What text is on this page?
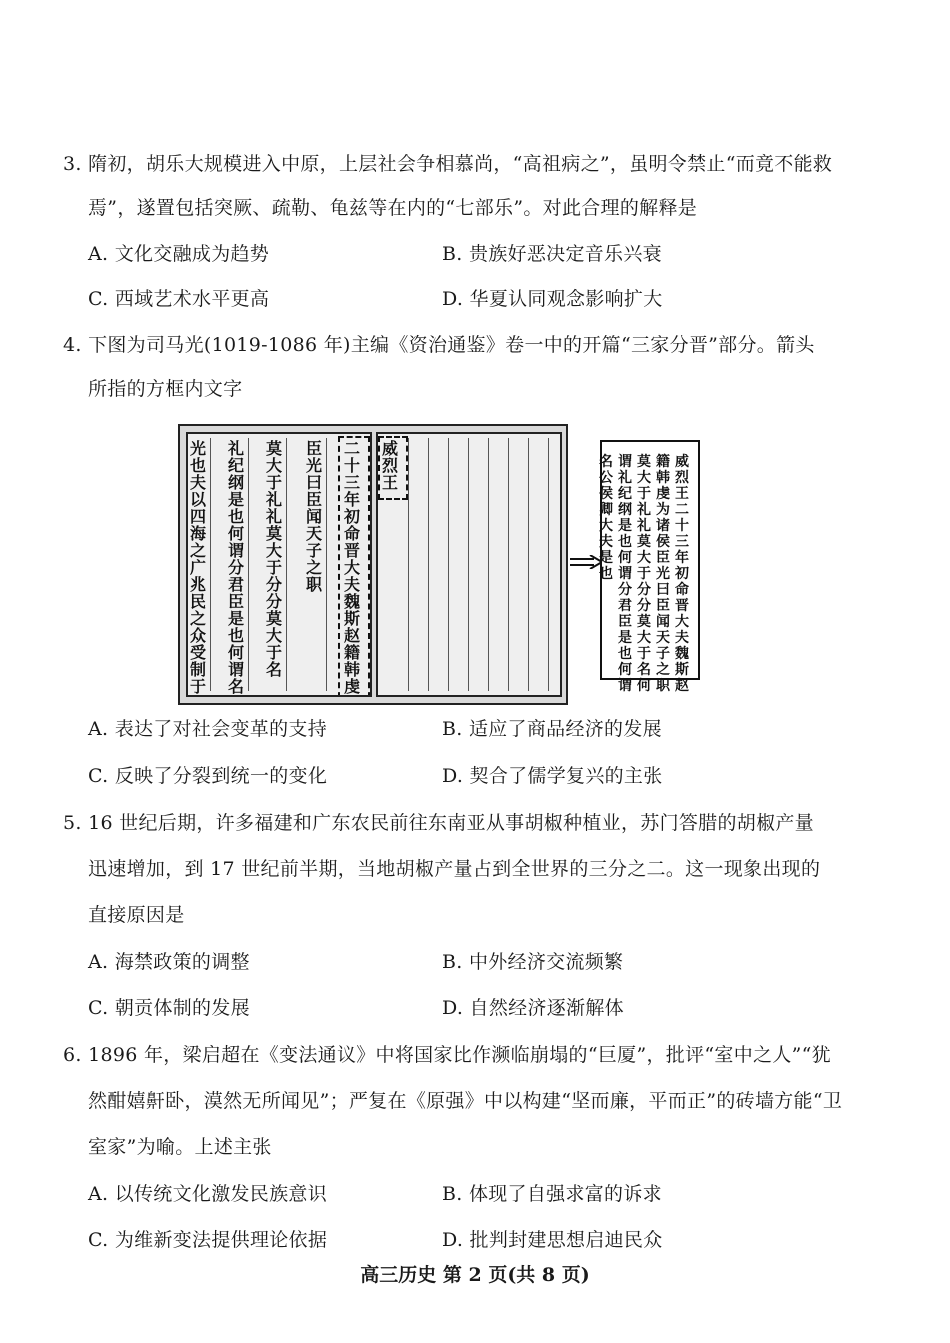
3. 隋初，胡乐大规模进入中原，上层社会争相慕尚，“高祖病之”，虽明令禁止“而竟不能救
焉”，遂置包括突厥、疏勒、龟兹等在内的“七部乐”。对此合理的解释是
A. 文化交融成为趋势	B. 贵族好恶决定音乐兴衰
C. 西域艺术水平更高	D. 华夏认同观念影响扩大
4. 下图为司马光(1019-1086 年)主编《资治通鉴》卷一中的开篇“三家分晋”部分。箭头
所指的方框内文字
光也夫以四海之广兆民之众受制于
礼纪纲是也何谓分君臣是也何谓名
莫大于礼礼莫大于分分莫大于名
臣光曰臣闻天子之职
二十三年初命晋大夫魏斯赵籍韩虔
威烈王
威烈王二十三年初命晋大夫魏斯赵
籍韩虔为诸侯臣光曰臣闻天子之职
莫大于礼礼莫大于分分莫大于名何
谓礼纪纲是也何谓分君臣是也何谓
名公侯卿大夫是也
A. 表达了对社会变革的支持	B. 适应了商品经济的发展
C. 反映了分裂到统一的变化	D. 契合了儒学复兴的主张
5. 16 世纪后期，许多福建和广东农民前往东南亚从事胡椒种植业，苏门答腊的胡椒产量
迅速增加，到 17 世纪前半期，当地胡椒产量占到全世界的三分之二。这一现象出现的
直接原因是
A. 海禁政策的调整	B. 中外经济交流频繁
C. 朝贡体制的发展	D. 自然经济逐渐解体
6. 1896 年，梁启超在《变法通议》中将国家比作濒临崩塌的“巨厦”，批评“室中之人”“犹
然酣嬉鼾卧，漠然无所闻见”；严复在《原强》中以构建“坚而廉，平而正”的砖墙方能“卫
室家”为喻。上述主张
A. 以传统文化激发民族意识	B. 体现了自强求富的诉求
C. 为维新变法提供理论依据	D. 批判封建思想启迪民众
高三历史 第 2 页(共 8 页)
